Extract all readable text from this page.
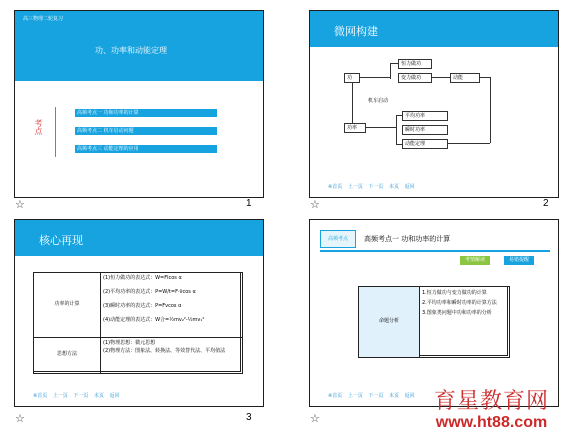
高三物理二轮复习
功、功率和动能定理
考点
高频考点一 功和功率的计算
高频考点二 机车启动问题
高频考点三 动能定理的应用
☆	1
微网构建
功
恒力做功
变力做功	动能
功率
平均功率
瞬时功率
动能定理
机车启动
※首页 上一页 下一页 末页 返回
☆	2
核心再现
功率的计算
(1)恒力做功的表达式：W=Flcos α
(2)平均功率的表达式：P=W/t=F·v̄cos α
(3)瞬时功率的表达式：P=Fvcos α
(4)动能定理的表达式：W合=½mv₂²-½mv₁²
思想方法
(1)物理思想：微元思想
(2)物理方法：图象法、转换法、等效替代法、平均值法
※首页 上一页 下一页 末页 返回
☆	3
高频考点	高频考点一 功和功率的计算
考情解读	易错提醒
命题分析
1.恒力做功与变力做功的计算
2.平均功率和瞬时功率的计算方法
3.图象类问题中功和功率的分析
※首页 上一页 下一页 末页 返回
☆
育星教育网
www.ht88.com
